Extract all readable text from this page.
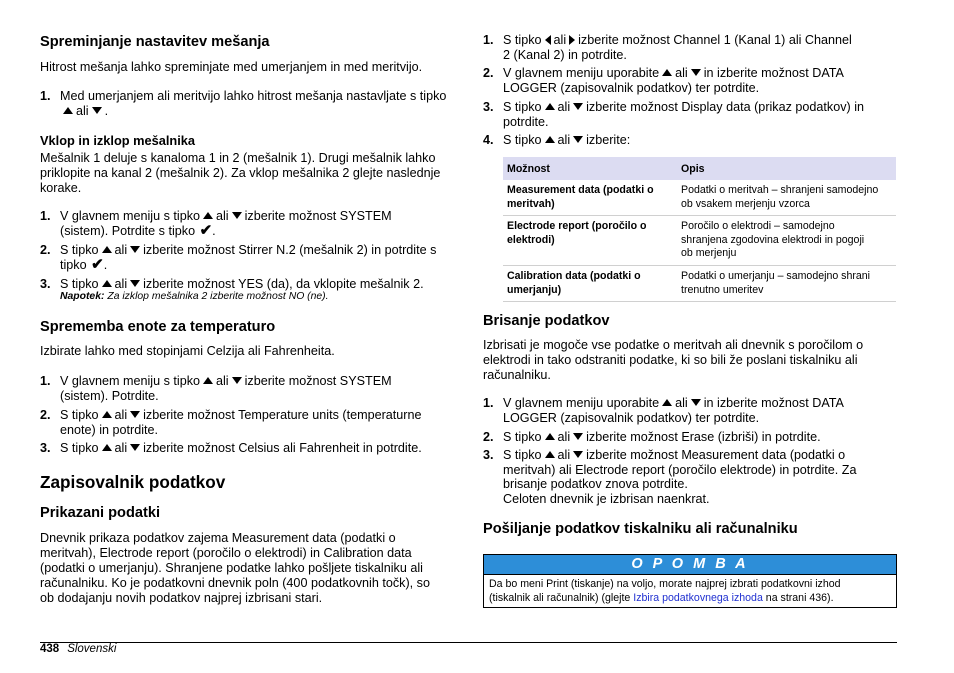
Spreminjanje nastavitev mešanja

Hitrost mešanja lahko spreminjate med umerjanjem in med meritvijo.

1. Med umerjanjem ali meritvijo lahko hitrost mešanja nastavljate s tipko
ali .
Vklop in izklop mešalnika

Mešalnik 1 deluje s kanaloma 1 in 2 (mešalnik 1). Drugi mešalnik lahko

priklopite na kanal 2 (mešalnik 2). Za vklop mešalnika 2 glejte naslednje

korake.

1. V glavnem meniju s tipko ali izberite možnost SYSTEM
(sistem). Potrdite s tipko ✔.
2. S tipko ali izberite možnost Stirrer N.2 (mešalnik 2) in potrdite s
tipko ✔.
3. S tipko ali izberite možnost YES (da), da vklopite mešalnik 2.
Napotek: Za izklop mešalnika 2 izberite možnost NO (ne).
Sprememba enote za temperaturo

Izbirate lahko med stopinjami Celzija ali Fahrenheita.

1. V glavnem meniju s tipko ali izberite možnost SYSTEM
(sistem). Potrdite.
2. S tipko ali izberite možnost Temperature units (temperaturne
enote) in potrdite.
3. S tipko ali izberite možnost Celsius ali Fahrenheit in potrdite.
Zapisovalnik podatkov
Prikazani podatki

Dnevnik prikaza podatkov zajema Measurement data (podatki o

meritvah), Electrode report (poročilo o elektrodi) in Calibration data

(podatki o umerjanju). Shranjene podatke lahko pošljete tiskalniku ali

računalniku. Ko je podatkovni dnevnik poln (400 podatkovnih točk), so

ob dodajanju novih podatkov najprej izbrisani stari.

1. S tipko ali izberite možnost Channel 1 (Kanal 1) ali Channel
2 (Kanal 2) in potrdite.
2. V glavnem meniju uporabite ali in izberite možnost DATA
LOGGER (zapisovalnik podatkov) ter potrdite.
3. S tipko ali izberite možnost Display data (prikaz podatkov) in
potrdite.
4. S tipko ali izberite:
Možnost	Opis
Measurement data (podatki o
meritvah)	Podatki o meritvah – shranjeni samodejno
ob vsakem merjenju vzorca
Electrode report (poročilo o
elektrodi)	Poročilo o elektrodi – samodejno
shranjena zgodovina elektrodi in pogoji
ob merjenju
Calibration data (podatki o
umerjanju)	Podatki o umerjanju – samodejno shrani
trenutno umeritev
Brisanje podatkov

Izbrisati je mogoče vse podatke o meritvah ali dnevnik s poročilom o

elektrodi in tako odstraniti podatke, ki so bili že poslani tiskalniku ali

računalniku.

1. V glavnem meniju uporabite ali in izberite možnost DATA
LOGGER (zapisovalnik podatkov) ter potrdite.
2. S tipko ali izberite možnost Erase (izbriši) in potrdite.
3. S tipko ali izberite možnost Measurement data (podatki o
meritvah) ali Electrode report (poročilo elektrode) in potrdite. Za
brisanje podatkov znova potrdite.
Celoten dnevnik je izbrisan naenkrat.
Pošiljanje podatkov tiskalniku ali računalniku
O P O M B A
Da bo meni Print (tiskanje) na voljo, morate najprej izbrati podatkovni izhod
(tiskalnik ali računalnik) (glejte Izbira podatkovnega izhoda na strani 436).
438 Slovenski
